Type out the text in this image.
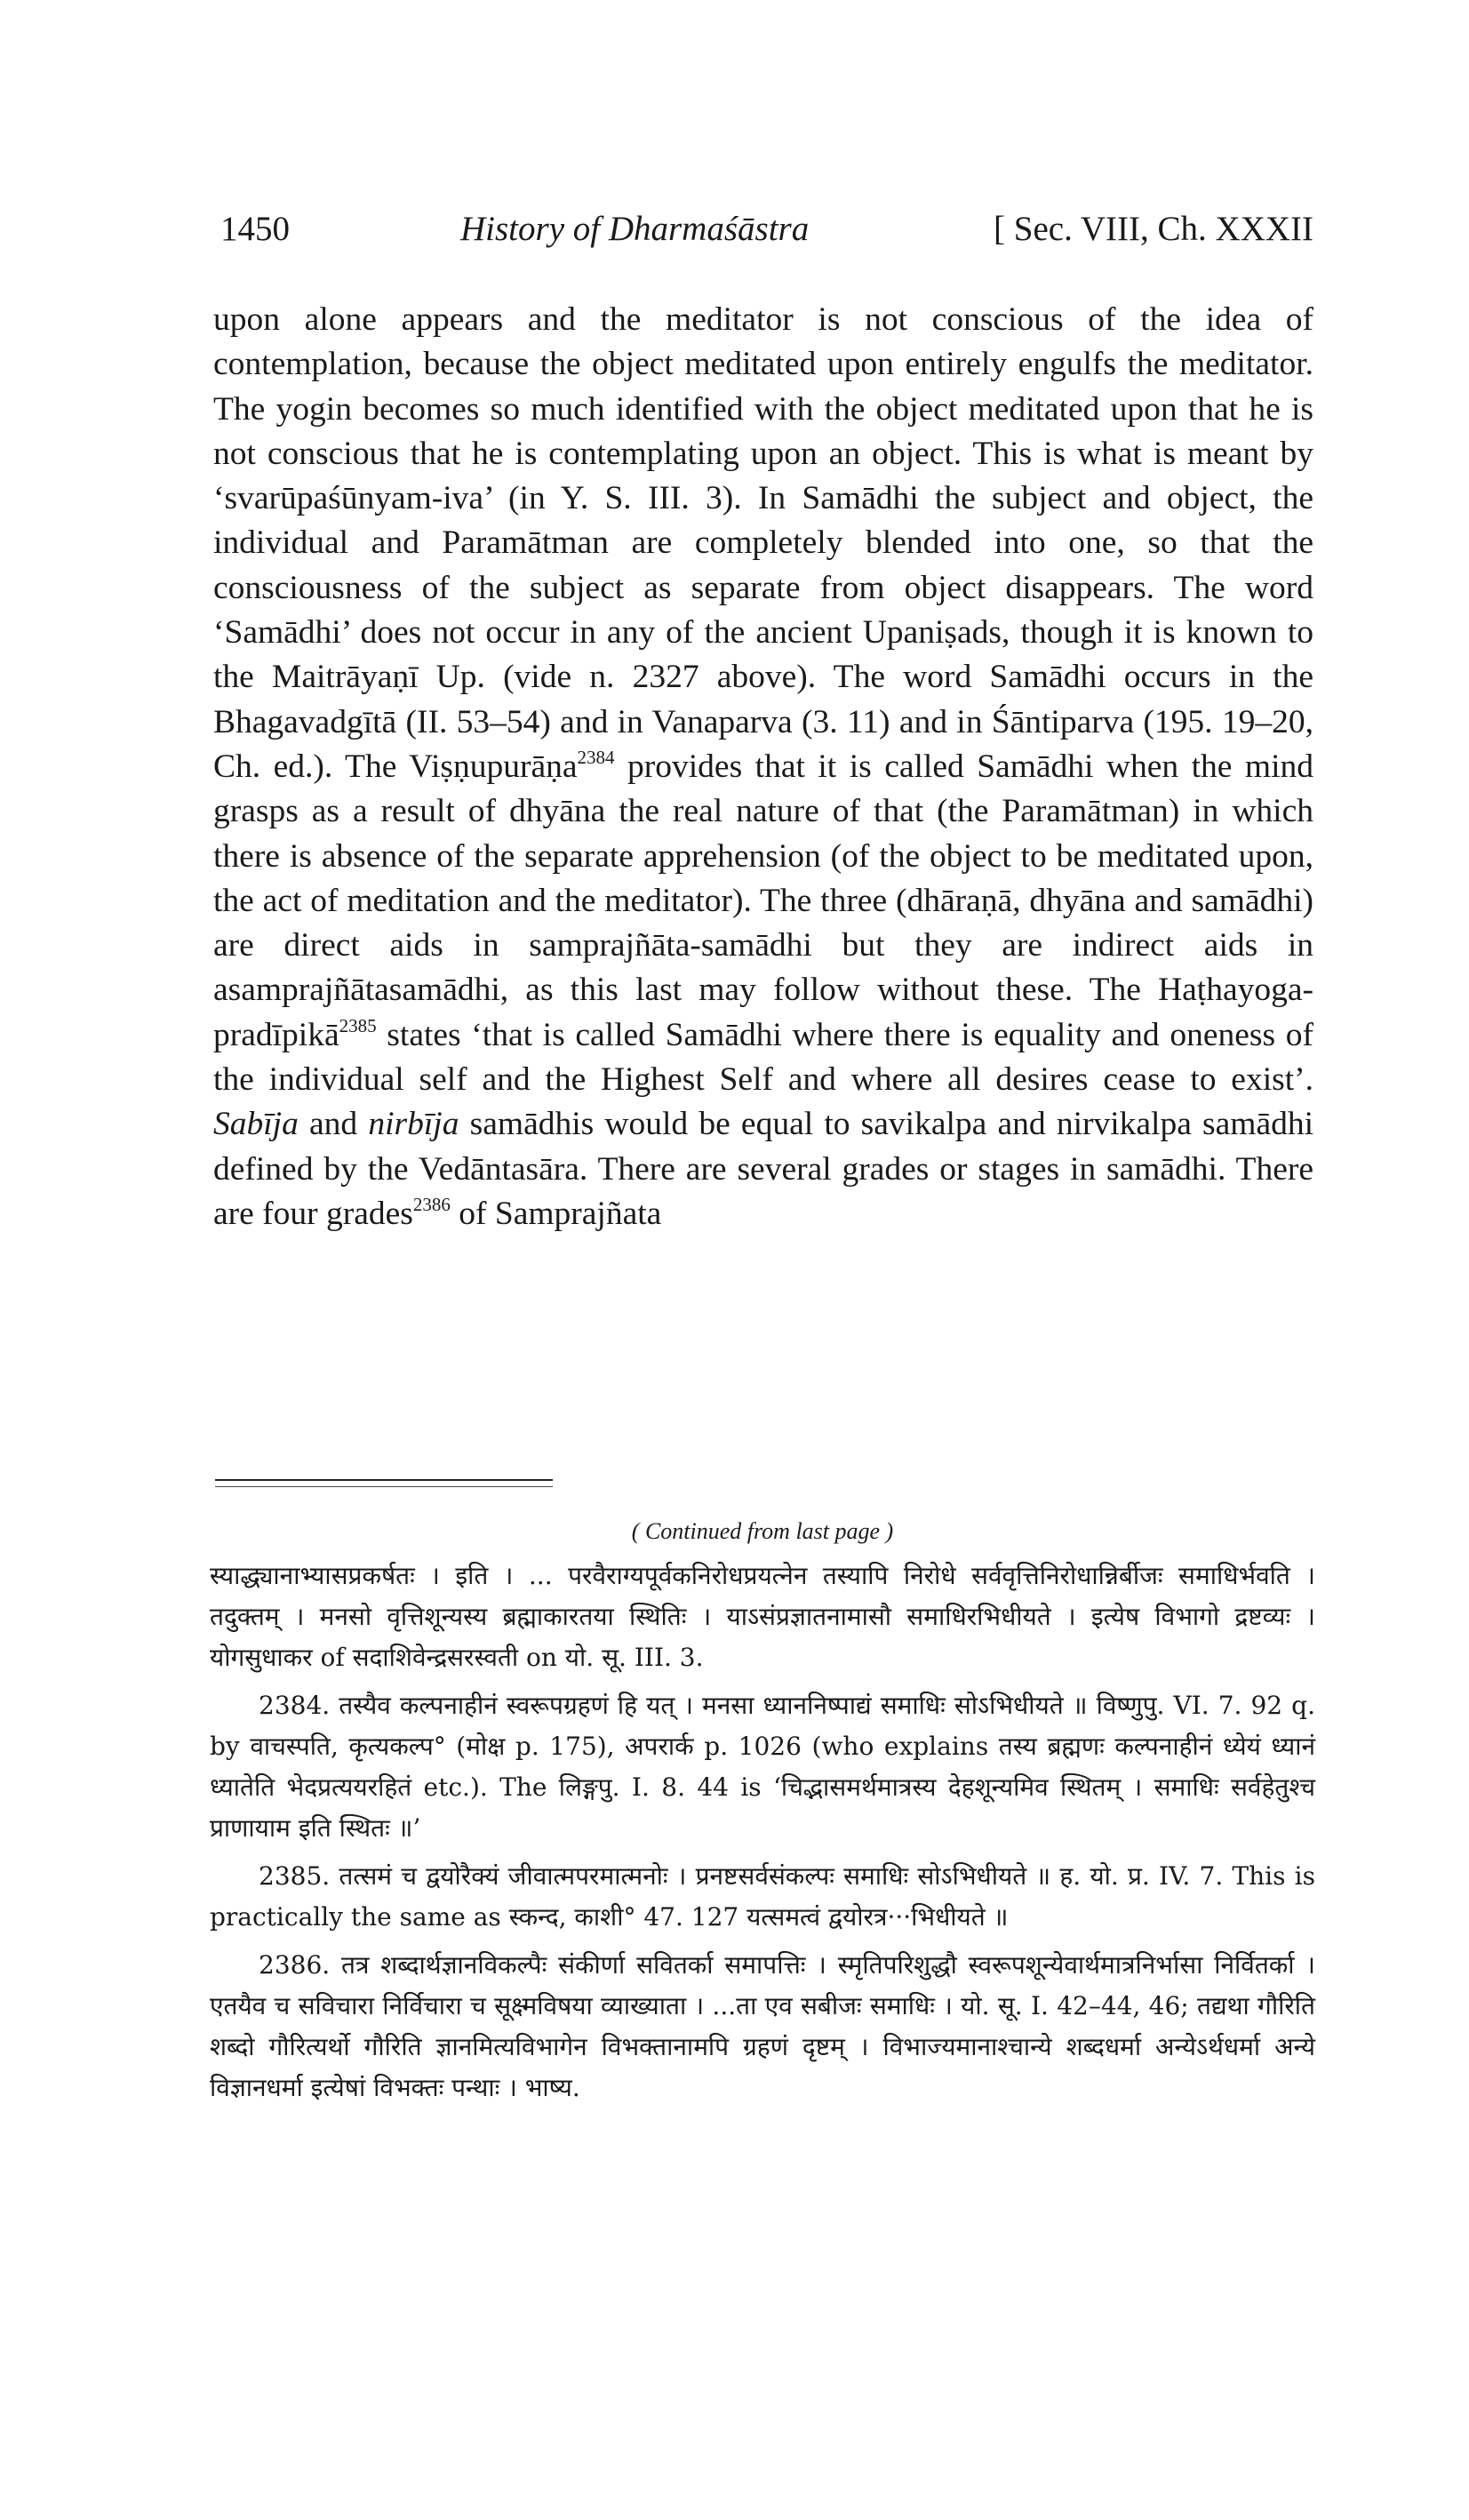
1450	History of Dharmaśāstra	[ Sec. VIII, Ch. XXXII

upon alone appears and the meditator is not conscious of the idea of contemplation, because the object meditated upon entirely engulfs the meditator. The yogin becomes so much identified with the object meditated upon that he is not conscious that he is contemplating upon an object. This is what is meant by ‘svarūpaśūnyam-iva’ (in Y. S. III. 3). In Samādhi the subject and object, the individual and Paramātman are completely blended into one, so that the consciousness of the subject as separate from object disappears. The word ‘Samādhi’ does not occur in any of the ancient Upaniṣads, though it is known to the Maitrāyaṇī Up. (vide n. 2327 above). The word Samādhi occurs in the Bhagavadgītā (II. 53–54) and in Vanaparva (3. 11) and in Śāntiparva (195. 19–20, Ch. ed.). The Viṣṇupurāṇa$^{2384}$ provides that it is called Samādhi when the mind grasps as a result of dhyāna the real nature of that (the Paramātman) in which there is absence of the separate apprehension (of the object to be meditated upon, the act of meditation and the meditator). The three (dhāraṇā, dhyāna and samādhi) are direct aids in samprajñāta-samādhi but they are indirect aids in asamprajñātasamādhi, as this last may follow without these. The Haṭhayoga-pradīpikā$^{2385}$ states ‘that is called Samādhi where there is equality and oneness of the individual self and the Highest Self and where all desires cease to exist’. Sabīja and nirbīja samādhis would be equal to savikalpa and nirvikalpa samādhi defined by the Vedāntasāra. There are several grades or stages in samādhi. There are four grades$^{2386}$ of Samprajñata

( Continued from last page )

स्याद्ध्यानाभ्यासप्रकर्षतः । इति । ... परवैराग्यपूर्वकनिरोधप्रयत्नेन तस्यापि निरोधे सर्ववृत्तिनिरोधान्निर्बीजः समाधिर्भवति । तदुक्तम् । मनसो वृत्तिशून्यस्य ब्रह्माकारतया स्थितिः । याऽसंप्रज्ञातनामासौ समाधिरभिधीयते । इत्येष विभागो द्रष्टव्यः । योगसुधाकर of सदाशिवेन्द्रसरस्वती on यो. सू. III. 3.

2384. तस्यैव कल्पनाहीनं स्वरूपग्रहणं हि यत् । मनसा ध्याननिष्पाद्यं समाधिः सोऽभिधीयते ॥ विष्णुपु. VI. 7. 92 q. by वाचस्पति, कृत्यकल्प° (मोक्ष p. 175), अपरार्क p. 1026 (who explains तस्य ब्रह्मणः कल्पनाहीनं ध्येयं ध्यानं ध्यातेति भेदप्रत्ययरहितं etc.). The लिङ्गपु. I. 8. 44 is ‘चिद्भासमर्थमात्रस्य देहशून्यमिव स्थितम् । समाधिः सर्वहेतुश्च प्राणायाम इति स्थितः ॥’

2385. तत्समं च द्वयोरैक्यं जीवात्मपरमात्मनोः । प्रनष्टसर्वसंकल्पः समाधिः सोऽभिधीयते ॥ ह. यो. प्र. IV. 7. This is practically the same as स्कन्द, काशी° 47. 127 यत्समत्वं द्वयोरत्र···भिधीयते ॥

2386. तत्र शब्दार्थज्ञानविकल्पैः संकीर्णा सवितर्का समापत्तिः । स्मृतिपरिशुद्धौ स्वरूपशून्येवार्थमात्रनिर्भासा निर्वितर्का । एतयैव च सविचारा निर्विचारा च सूक्ष्मविषया व्याख्याता । ...ता एव सबीजः समाधिः । यो. सू. I. 42–44, 46; तद्यथा गौरिति शब्दो गौरित्यर्थो गौरिति ज्ञानमित्यविभागेन विभक्तानामपि ग्रहणं दृष्टम् । विभाज्यमानाश्चान्ये शब्दधर्मा अन्येऽर्थधर्मा अन्ये विज्ञानधर्मा इत्येषां विभक्तः पन्थाः । भाष्य.
